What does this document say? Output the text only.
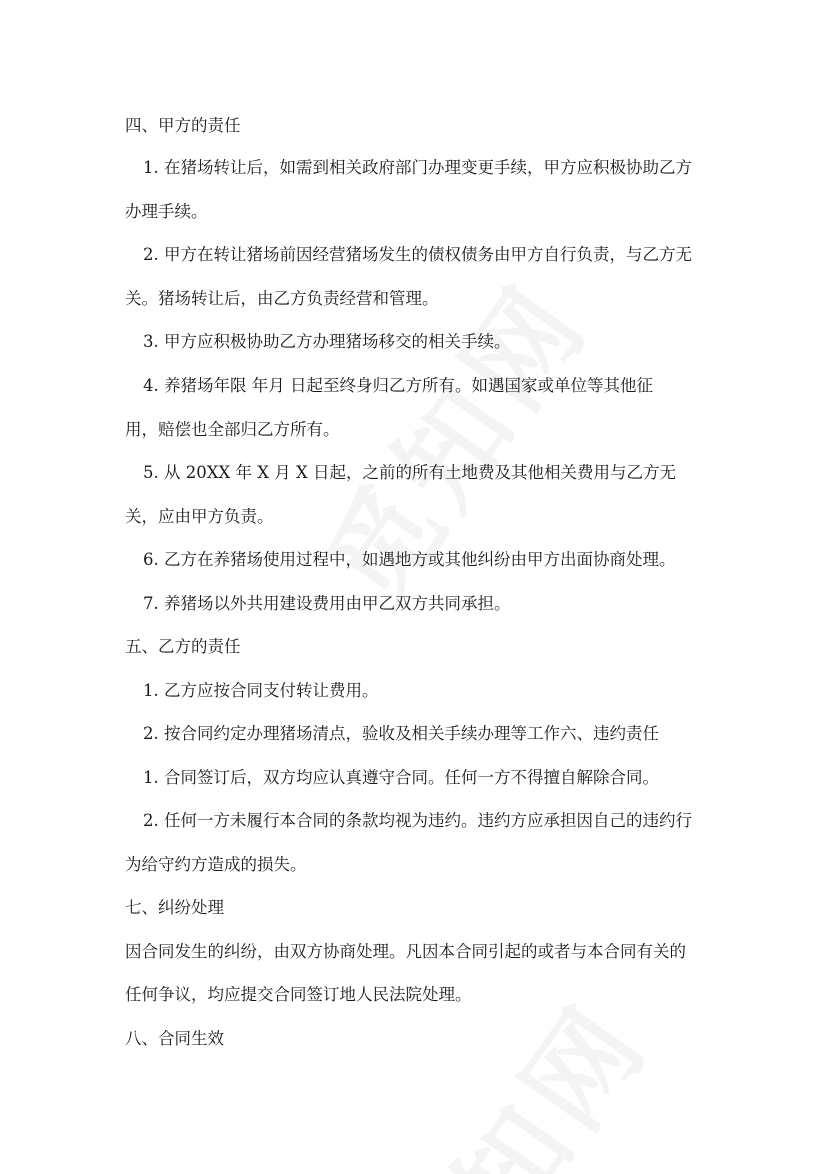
四、甲方的责任
1. 在猪场转让后，如需到相关政府部门办理变更手续，甲方应积极协助乙方
办理手续。
2. 甲方在转让猪场前因经营猪场发生的债权债务由甲方自行负责，与乙方无
关。猪场转让后，由乙方负责经营和管理。
3. 甲方应积极协助乙方办理猪场移交的相关手续。
4. 养猪场年限 年月 日起至终身归乙方所有。如遇国家或单位等其他征
用，赔偿也全部归乙方所有。
5. 从 20XX 年 X 月 X 日起，之前的所有土地费及其他相关费用与乙方无
关，应由甲方负责。
6. 乙方在养猪场使用过程中，如遇地方或其他纠纷由甲方出面协商处理。
7. 养猪场以外共用建设费用由甲乙双方共同承担。
五、乙方的责任
1. 乙方应按合同支付转让费用。
2. 按合同约定办理猪场清点，验收及相关手续办理等工作六、违约责任
1. 合同签订后，双方均应认真遵守合同。任何一方不得擅自解除合同。
2. 任何一方未履行本合同的条款均视为违约。违约方应承担因自己的违约行
为给守约方造成的损失。
七、纠纷处理
因合同发生的纠纷，由双方协商处理。凡因本合同引起的或者与本合同有关的
任何争议，均应提交合同签订地人民法院处理。
八、合同生效
